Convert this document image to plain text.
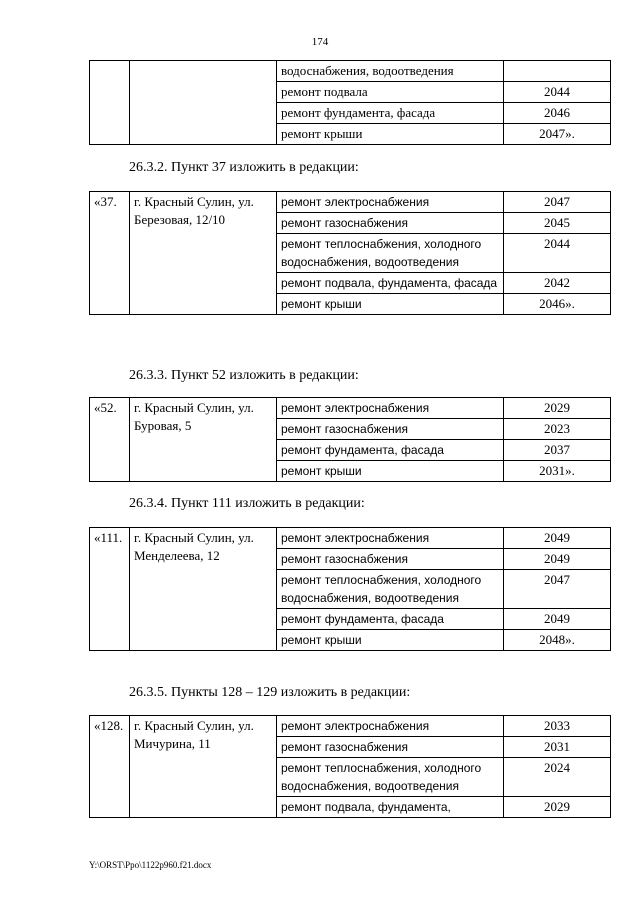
174
		водоснабжения, водоотведения	
		ремонт подвала	2044
		ремонт фундамента, фасада	2046
		ремонт крыши	2047».
26.3.2. Пункт 37 изложить в редакции:
«37.	г. Красный Сулин, ул. Березовая, 12/10	ремонт электроснабжения	2047
		ремонт газоснабжения	2045
		ремонт теплоснабжения, холодного водоснабжения, водоотведения	2044
		ремонт подвала, фундамента, фасада	2042
		ремонт крыши	2046».
26.3.3. Пункт 52 изложить в редакции:
«52.	г. Красный Сулин, ул. Буровая, 5	ремонт электроснабжения	2029
		ремонт газоснабжения	2023
		ремонт фундамента, фасада	2037
		ремонт крыши	2031».
26.3.4. Пункт 111 изложить в редакции:
«111.	г. Красный Сулин, ул. Менделеева, 12	ремонт электроснабжения	2049
		ремонт газоснабжения	2049
		ремонт теплоснабжения, холодного водоснабжения, водоотведения	2047
		ремонт фундамента, фасада	2049
		ремонт крыши	2048».
26.3.5. Пункты 128 – 129 изложить в редакции:
«128.	г. Красный Сулин, ул. Мичурина, 11	ремонт электроснабжения	2033
		ремонт газоснабжения	2031
		ремонт теплоснабжения, холодного водоснабжения, водоотведения	2024
		ремонт подвала, фундамента,	2029
Y:\ORST\Ppo\1122p960.f21.docx
